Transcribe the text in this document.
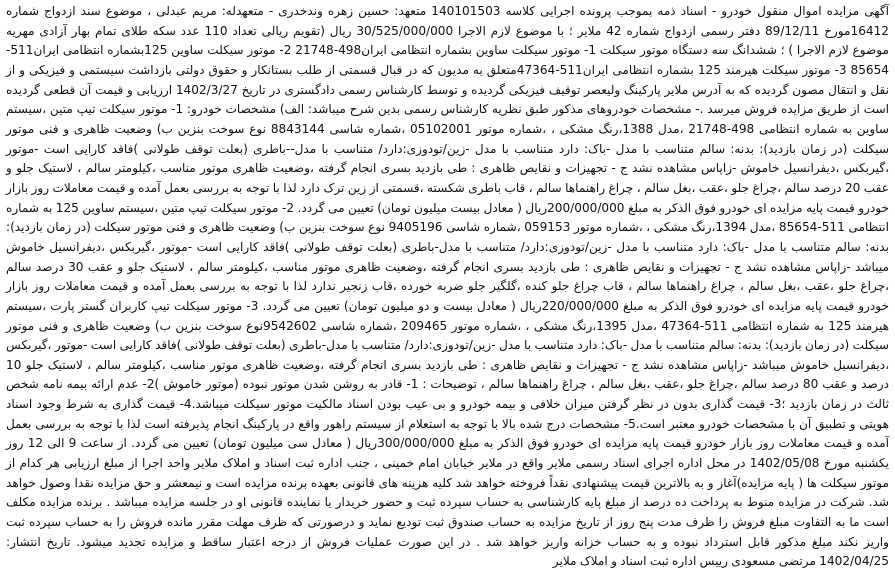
آگهی مزایده اموال منقول خودرو - اسناد ذمه بموجب پرونده اجرایی کلاسه 140101503 متعهد: حسین زهره وندخدری - متعهدله: مریم عبدلی ، موضوع سند ازدواج شماره 16412مورخ 89/12/11 دفتر رسمی ازدواج شماره 42 ملایر ؛ با موضوع لازم الاجرا 30/525/000/000 ریال (تقویم ریالی تعداد 110 عدد سکه طلای تمام بهار آزادی مهریه موضوع لازم الاجرا ) ؛ ششدانگ سه دستگاه موتور سیکلت 1- موتور سیکلت ساوین بشماره انتظامی ایران498-21748 2- موتور سیکلت ساوین 125بشماره انتظامی ایران511-85654 3- موتور سیکلت هیرمند 125 بشماره انتظامی ایران511-47364متعلق به مدیون که در قبال قسمتی از طلب بستانکار و حقوق دولتی بازداشت سیستمی و فیزیکی و از نقل و انتقال مصون گردیده که به آدرس ملایر پارکینگ ولیعصر توقیف فیزیکی گردیده و توسط کارشناس رسمی دادگستری در تاریخ 1402/3/27 ارزیابی و قیمت آن قطعی گردیده است از طریق مزایده فروش میرسد .- مشخصات خودروهای مذکور طبق نظریه کارشناس رسمی بدین شرح میباشد: الف) مشخصات خودرو: 1- موتور سیکلت تیپ متین ،سیستم ساوین به شماره انتظامی 498-21748 ،مدل 1388،رنگ مشکی ، ،شماره موتور 05102001 ،شماره شاسی 8843144 نوع سوخت بنزین ب) وضعیت ظاهری و فنی موتور سیکلت (در زمان بازدید): بدنه: سالم متناسب با مدل -باک: دارد متناسب با مدل -زین/تودوزی:دارد/ متناسب با مدل--باطری (بعلت توقف طولانی )فاقد کارایی است -موتور ،گیربکس ،دیفرانسیل خاموش -زاپاس مشاهده نشد ج - تجهیزات و نقایص ظاهری : طی بازدید بسری انجام گرفته ،وضعیت ظاهری موتور مناسب ،کیلومتر سالم ، لاستیک جلو و عقب 20 درصد سالم ،چراغ جلو ،عقب ،بغل سالم ، چراغ راهنماها سالم ، قاب باطری شکسته ،قسمتی از زین ترک دارد لذا با توجه به بررسی بعمل آمده و قیمت معاملات روز بازار خودرو قیمت پایه مزایده ای خودرو فوق الذکر به مبلغ 200/000/000ریال ( معادل بیست میلیون تومان) تعیین می گردد. 2- موتور سیکلت تیپ متین ،سیستم ساوین 125 به شماره انتظامی 511-85654 ،مدل 1394،رنگ مشکی ، ،شماره موتور 059153 ،شماره شاسی 9405196 نوع سوخت بنزین ب) وضعیت ظاهری و فنی موتور سیکلت (در زمان بازدید): بدنه: سالم متناسب با مدل -باک: دارد متناسب با مدل -زین/تودوزی:دارد/ متناسب با مدل-باطری (بعلت توقف طولانی )فاقد کارایی است -موتور ،گیربکس ،دیفرانسیل خاموش میباشد -زاپاس مشاهده نشد ج - تجهیزات و نقایص ظاهری : طی بازدید بسری انجام گرفته ،وضعیت ظاهری موتور مناسب ،کیلومتر سالم ، لاستیک جلو و عقب 30 درصد سالم ،چراغ جلو ،عقب ،بغل سالم ، چراغ راهنماها سالم ، قاب چراغ جلو کنده ،گلگیر جلو ضربه خورده ،قاب زنجیر ندارد لذا با توجه به بررسی بعمل آمده و قیمت معاملات روز بازار خودرو قیمت پایه مزایده ای خودرو فوق الذکر به مبلغ 220/000/000ریال ( معادل بیست و دو میلیون تومان) تعیین می گردد. 3- موتور سیکلت تیپ کاربران گستر پارت ،سیستم هیرمند 125 به شماره انتظامی 511-47364 ،مدل 1395،رنگ مشکی ، ،شماره موتور 209465 ،شماره شاسی 9542602نوع سوخت بنزین ب) وضعیت ظاهری و فنی موتور سیکلت (در زمان بازدید): بدنه: سالم متناسب با مدل -باک: دارد متناسب با مدل -زین/تودوزی:دارد/ متناسب با مدل-باطری (بعلت توقف طولانی )فاقد کارایی است -موتور ،گیربکس ،دیفرانسیل خاموش میباشد -زاپاس مشاهده نشد ج - تجهیزات و نقایص ظاهری : طی بازدید بسری انجام گرفته ،وضعیت ظاهری موتور مناسب ،کیلومتر سالم ، لاستیک جلو 10 درصد و عقب 80 درصد سالم ،چراغ جلو ،عقب ،بغل سالم ، چراغ راهنماها سالم ، توضیحات : 1- قادر به روشن شدن موتور نبوده (موتور خاموش )2- عدم ارائه بیمه نامه شخص ثالث در زمان بازدید ؛3- قیمت گذاری بدون در نظر گرفتن میزان خلافی و بیمه خودرو و بی عیب بودن اسناد مالکیت موتور سیکلت میباشد.4- قیمت گذاری به شرط وجود اسناد هویتی و تطبیق آن با مشخصات خودرو معتبر است.5- مشخصات درج شده بالا با توجه به استعلام از سیستم راهور واقع در پارکینگ انجام پذیرفته است لذا با توجه به بررسی بعمل آمده و قیمت معاملات روز بازار خودرو قیمت پایه مزایده ای خودرو فوق الذکر به مبلغ 300/000/000ریال ( معادل سی میلیون تومان) تعیین می گردد. از ساعت 9 الی 12 روز یکشنبه مورخ 1402/05/08 در محل اداره اجرای اسناد رسمی ملایر واقع در ملایر خیابان امام خمینی ، جنب اداره ثبت اسناد و املاک ملایر واحد اجرا از مبلغ ارزیابی هر کدام از موتور سیکلت ها ( پایه مزایده)آغاز و به بالاترین قیمت پیشنهادی نقداً فروخته خواهد شد کلیه هزینه های قانونی بعهده برنده مزایده است و نیمعشر و حق مزایده نقدا وصول خواهد شد. شرکت در مزایده منوط به پرداخت ده درصد از مبلغ پایه کارشناسی به حساب سپرده ثبت و حضور خریدار یا نماینده قانونی او در جلسه مزایده میباشد . برنده مزایده مکلف است ما به التفاوت مبلغ فروش را ظرف مدت پنج روز از تاریخ مزایده به حساب صندوق ثبت تودیع نماید و درصورتی که ظرف مهلت مقرر مانده فروش را به حساب سپرده ثبت واریز نکند مبلغ مذکور قابل استرداد نبوده و به حساب خزانه واریز خواهد شد . در این صورت عملیات فروش از درجه اعتبار ساقط و مزایده تجدید میشود. تاریخ انتشار: 1402/04/25 مرتضی مسعودی رییس اداره ثبت اسناد و املاک ملایر
